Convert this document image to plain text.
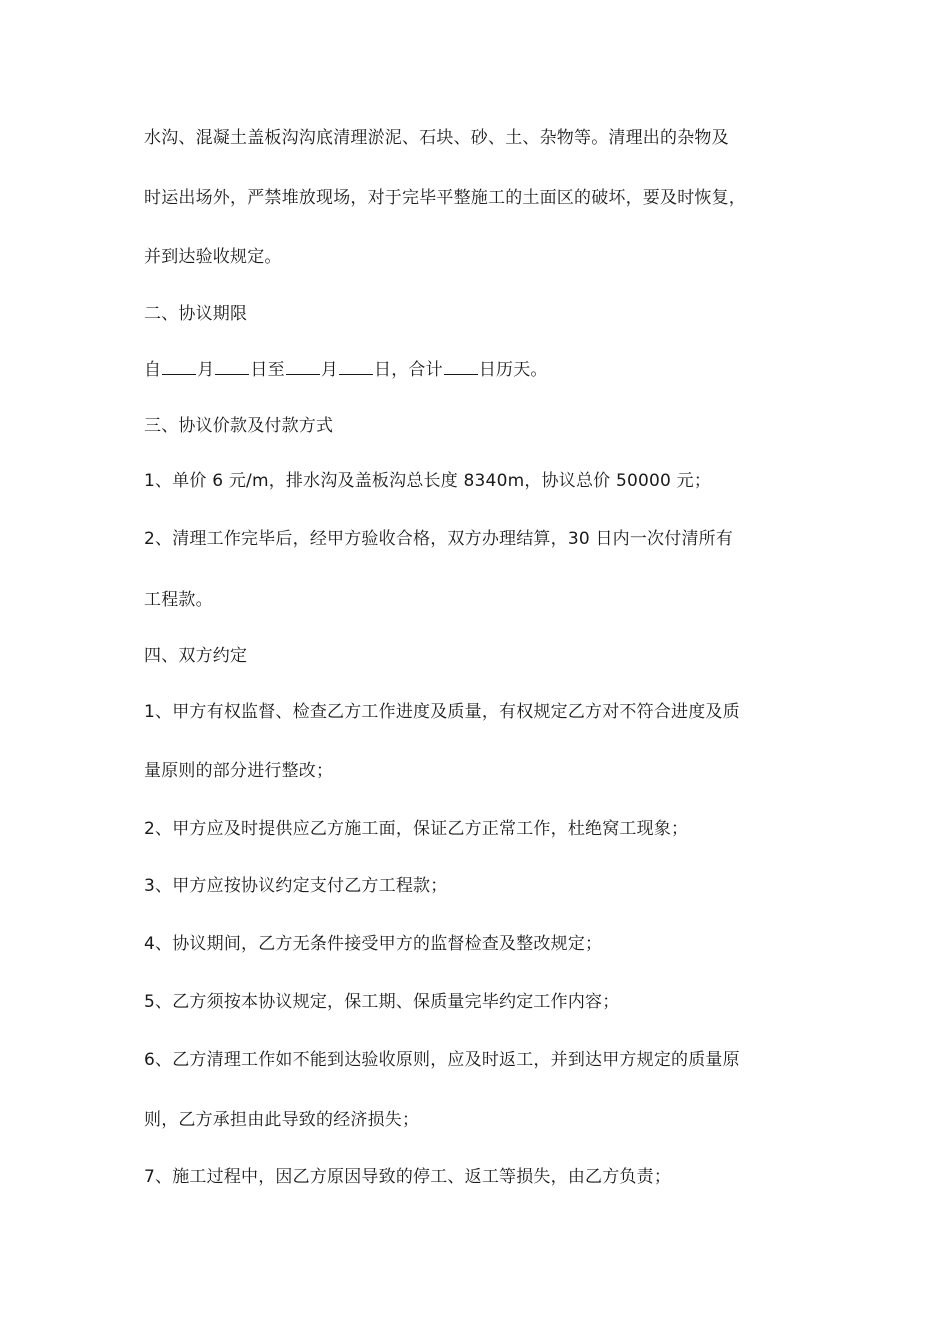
水沟、混凝土盖板沟沟底清理淤泥、石块、砂、土、杂物等。清理出的杂物及
时运出场外，严禁堆放现场，对于完毕平整施工的土面区的破坏，要及时恢复，
并到达验收规定。
二、协议期限
自 月 日至 月 日，合计 日历天。
三、协议价款及付款方式
1、单价 6 元/m，排水沟及盖板沟总长度 8340m，协议总价 50000 元；
2、清理工作完毕后，经甲方验收合格，双方办理结算，30 日内一次付清所有
工程款。
四、双方约定
1、甲方有权监督、检查乙方工作进度及质量，有权规定乙方对不符合进度及质
量原则的部分进行整改；
2、甲方应及时提供应乙方施工面，保证乙方正常工作，杜绝窝工现象；
3、甲方应按协议约定支付乙方工程款；
4、协议期间，乙方无条件接受甲方的监督检查及整改规定；
5、乙方须按本协议规定，保工期、保质量完毕约定工作内容；
6、乙方清理工作如不能到达验收原则，应及时返工，并到达甲方规定的质量原
则，乙方承担由此导致的经济损失；
7、施工过程中，因乙方原因导致的停工、返工等损失，由乙方负责；
